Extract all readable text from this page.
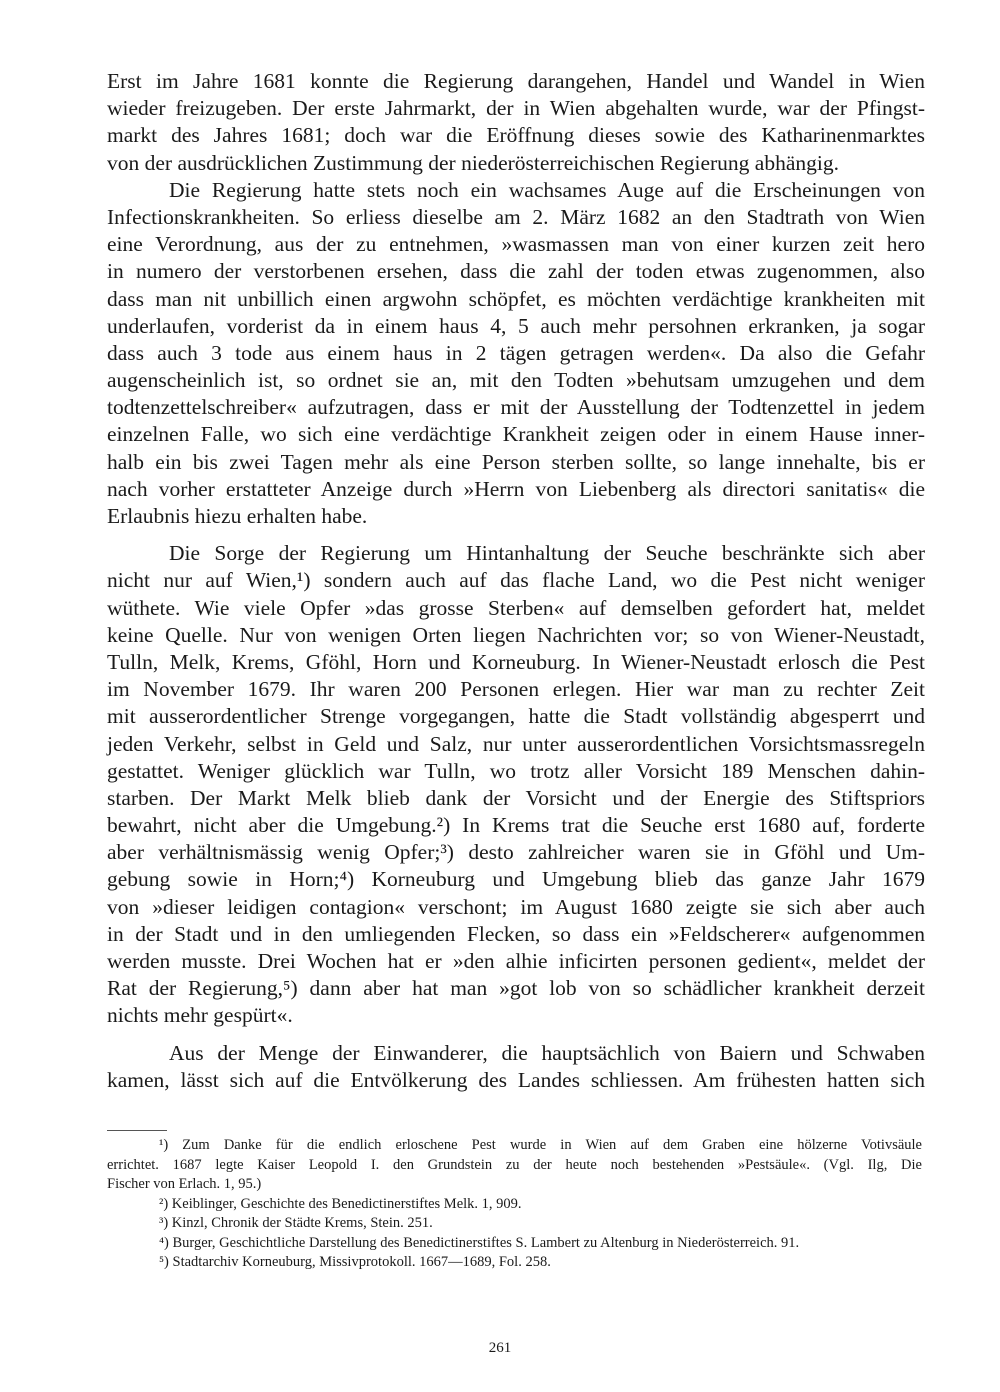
Erst im Jahre 1681 konnte die Regierung darangehen, Handel und Wandel in Wien
wieder freizugeben. Der erste Jahrmarkt, der in Wien abgehalten wurde, war der Pfingst-
markt des Jahres 1681; doch war die Eröffnung dieses sowie des Katharinenmarktes
von der ausdrücklichen Zustimmung der niederösterreichischen Regierung abhängig.
Die Regierung hatte stets noch ein wachsames Auge auf die Erscheinungen von
Infectionskrankheiten. So erliess dieselbe am 2. März 1682 an den Stadtrath von Wien
eine Verordnung, aus der zu entnehmen, »wasmassen man von einer kurzen zeit hero
in numero der verstorbenen ersehen, dass die zahl der toden etwas zugenommen, also
dass man nit unbillich einen argwohn schöpfet, es möchten verdächtige krankheiten mit
underlaufen, vorderist da in einem haus 4, 5 auch mehr persohnen erkranken, ja sogar
dass auch 3 tode aus einem haus in 2 tägen getragen werden«. Da also die Gefahr
augenscheinlich ist, so ordnet sie an, mit den Todten »behutsam umzugehen und dem
todtenzettelschreiber« aufzutragen, dass er mit der Ausstellung der Todtenzettel in jedem
einzelnen Falle, wo sich eine verdächtige Krankheit zeigen oder in einem Hause inner-
halb ein bis zwei Tagen mehr als eine Person sterben sollte, so lange innehalte, bis er
nach vorher erstatteter Anzeige durch »Herrn von Liebenberg als directori sanitatis« die
Erlaubnis hiezu erhalten habe.
Die Sorge der Regierung um Hintanhaltung der Seuche beschränkte sich aber
nicht nur auf Wien,¹) sondern auch auf das flache Land, wo die Pest nicht weniger
wüthete. Wie viele Opfer »das grosse Sterben« auf demselben gefordert hat, meldet
keine Quelle. Nur von wenigen Orten liegen Nachrichten vor; so von Wiener-Neustadt,
Tulln, Melk, Krems, Gföhl, Horn und Korneuburg. In Wiener-Neustadt erlosch die Pest
im November 1679. Ihr waren 200 Personen erlegen. Hier war man zu rechter Zeit
mit ausserordentlicher Strenge vorgegangen, hatte die Stadt vollständig abgesperrt und
jeden Verkehr, selbst in Geld und Salz, nur unter ausserordentlichen Vorsichtsmassregeln
gestattet. Weniger glücklich war Tulln, wo trotz aller Vorsicht 189 Menschen dahin-
starben. Der Markt Melk blieb dank der Vorsicht und der Energie des Stiftspriors
bewahrt, nicht aber die Umgebung.²) In Krems trat die Seuche erst 1680 auf, forderte
aber verhältnismässig wenig Opfer;³) desto zahlreicher waren sie in Gföhl und Um-
gebung sowie in Horn;⁴) Korneuburg und Umgebung blieb das ganze Jahr 1679
von »dieser leidigen contagion« verschont; im August 1680 zeigte sie sich aber auch
in der Stadt und in den umliegenden Flecken, so dass ein »Feldscherer« aufgenommen
werden musste. Drei Wochen hat er »den alhie inficirten personen gedient«, meldet der
Rat der Regierung,⁵) dann aber hat man »got lob von so schädlicher krankheit derzeit
nichts mehr gespürt«.
Aus der Menge der Einwanderer, die hauptsächlich von Baiern und Schwaben
kamen, lässt sich auf die Entvölkerung des Landes schliessen. Am frühesten hatten sich
¹) Zum Danke für die endlich erloschene Pest wurde in Wien auf dem Graben eine hölzerne Votivsäule
errichtet. 1687 legte Kaiser Leopold I. den Grundstein zu der heute noch bestehenden »Pestsäule«. (Vgl. Ilg, Die
Fischer von Erlach. 1, 95.)
²) Keiblinger, Geschichte des Benedictinerstiftes Melk. 1, 909.
³) Kinzl, Chronik der Städte Krems, Stein. 251.
⁴) Burger, Geschichtliche Darstellung des Benedictinerstiftes S. Lambert zu Altenburg in Niederösterreich. 91.
⁵) Stadtarchiv Korneuburg, Missivprotokoll. 1667—1689, Fol. 258.
261
